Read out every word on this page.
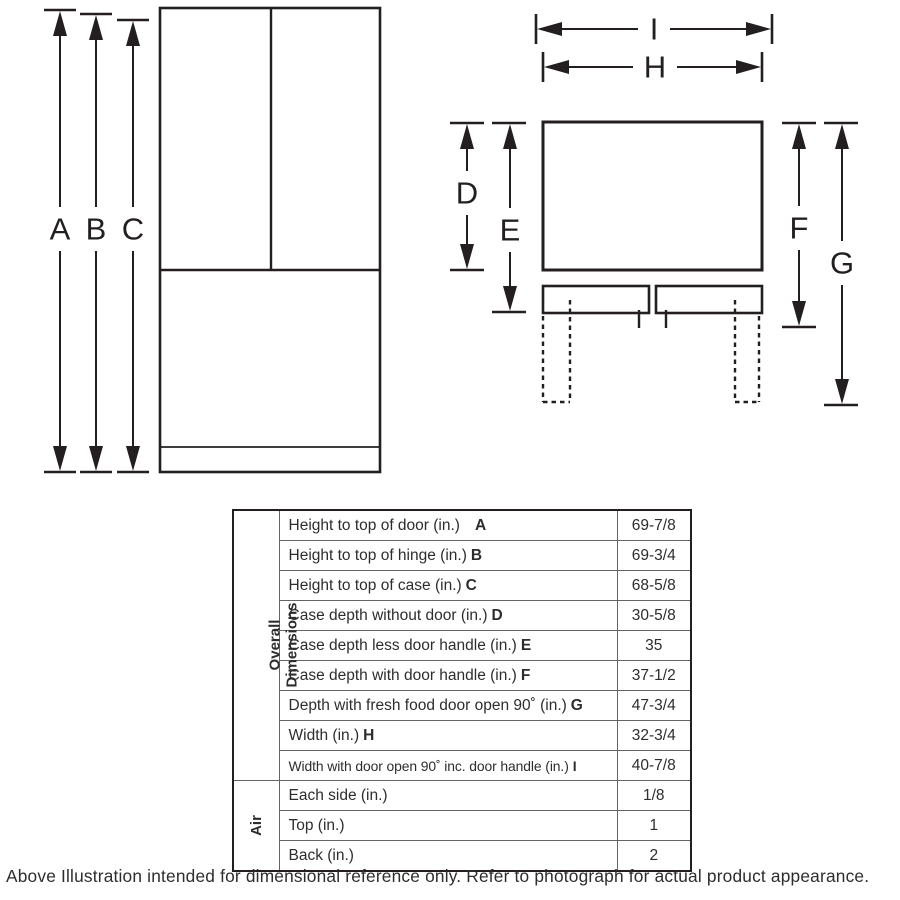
A B C
I
H
D
E	F
G
Overall Dimensions	Height to top of door (in.) A	69-7/8
	Height to top of hinge (in.) B	69-3/4
	Height to top of case (in.) C	68-5/8
	Case depth without door (in.) D	30-5/8
	Case depth less door handle (in.) E	35
	Case depth with door handle (in.) F	37-1/2
	Depth with fresh food door open 90˚ (in.) G	47-3/4
	Width (in.) H	32-3/4
	Width with door open 90˚ inc. door handle (in.) I	40-7/8
Air	Each side (in.)	1/8
	Top (in.)	1
	Back (in.)	2
Above Illustration intended for dimensional reference only. Refer to photograph for actual product appearance.
